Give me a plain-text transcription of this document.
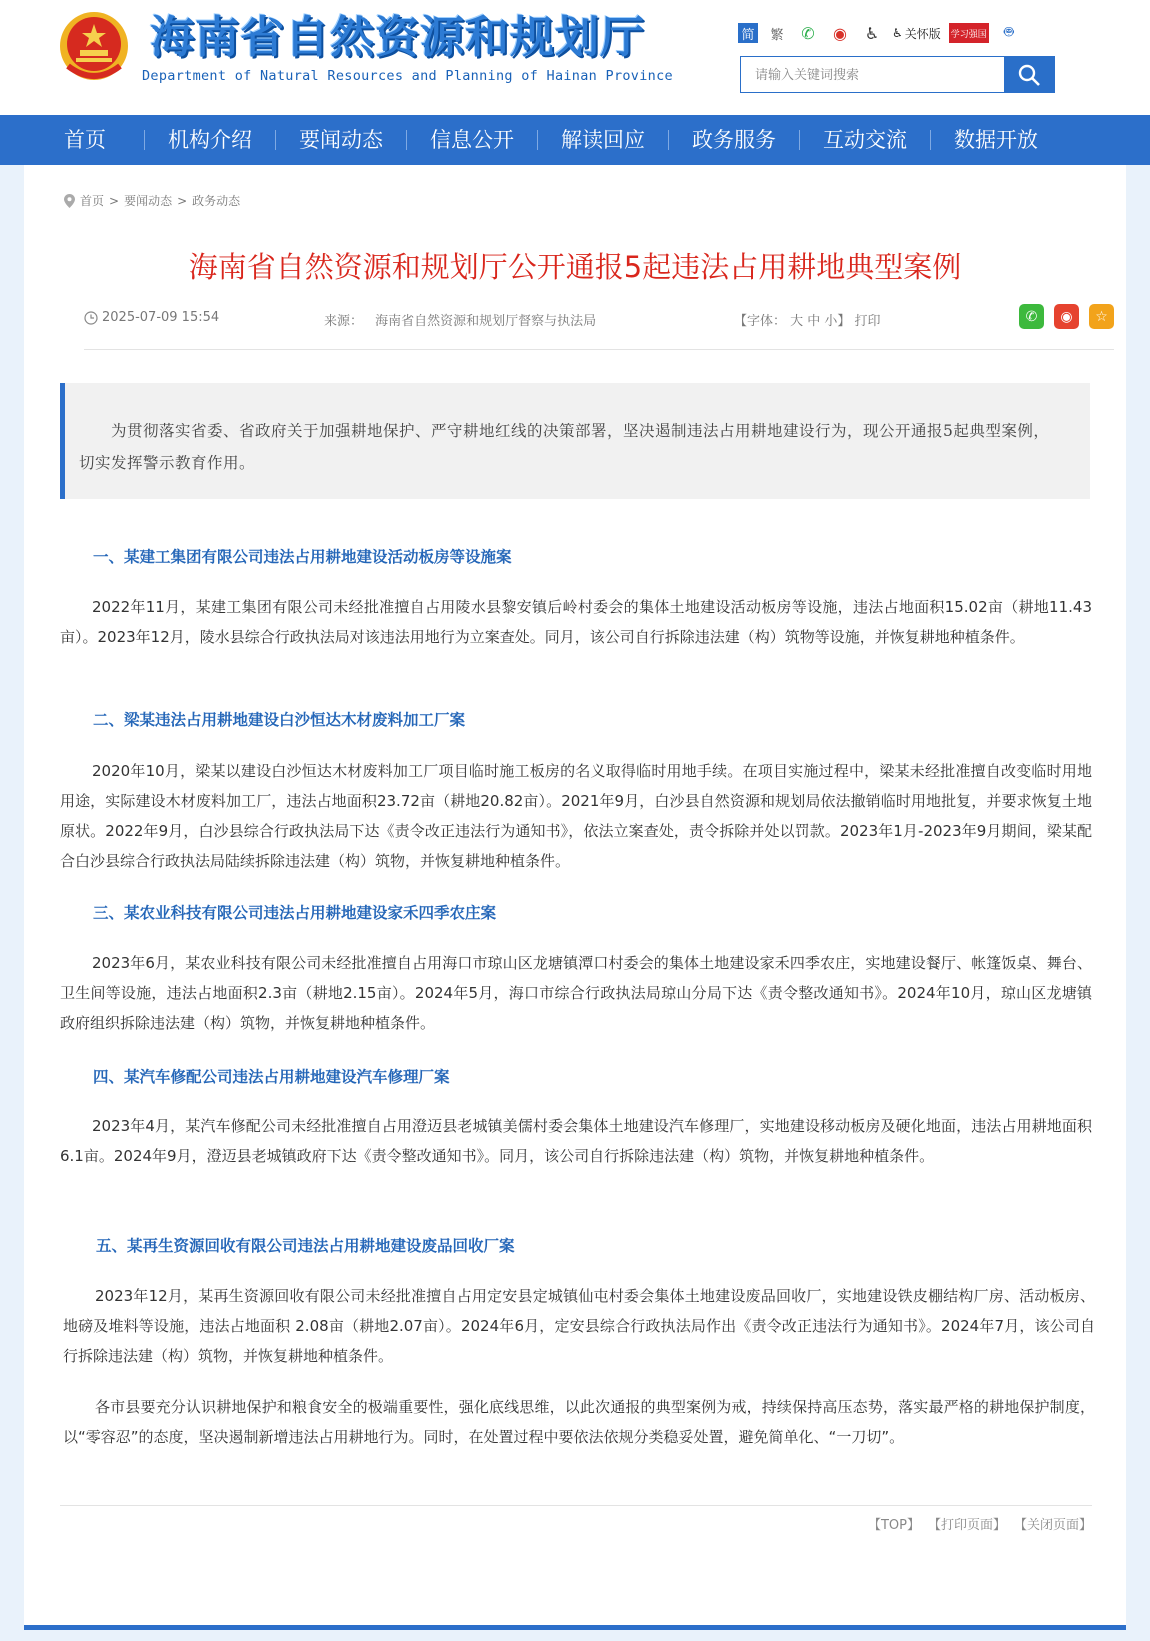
海南省自然资源和规划厅
Department of Natural Resources and Planning of Hainan Province
简	繁	✆	◉	♿	♿ 关怀版 学习强国	🤖︎
请输入关键词搜索
首页	机构介绍	要闻动态	信息公开	解读回应	政务服务	互动交流	数据开放
首页 > 要闻动态 > 政务动态
海南省自然资源和规划厅公开通报5起违法占用耕地典型案例
2025-07-09 15:54	来源： 海南省自然资源和规划厅督察与执法局	【字体： 大 中 小】 打印	✆ ◉ ☆
为贯彻落实省委、省政府关于加强耕地保护、严守耕地红线的决策部署，坚决遏制违法占用耕地建设行为，现公开通报5起典型案例，切实发挥警示教育作用。
一、某建工集团有限公司违法占用耕地建设活动板房等设施案

2022年11月，某建工集团有限公司未经批准擅自占用陵水县黎安镇后岭村委会的集体土地建设活动板房等设施，违法占地面积15.02亩（耕地11.43亩）。2023年12月，陵水县综合行政执法局对该违法用地行为立案查处。同月，该公司自行拆除违法建（构）筑物等设施，并恢复耕地种植条件。

二、梁某违法占用耕地建设白沙恒达木材废料加工厂案

2020年10月，梁某以建设白沙恒达木材废料加工厂项目临时施工板房的名义取得临时用地手续。在项目实施过程中，梁某未经批准擅自改变临时用地用途，实际建设木材废料加工厂，违法占地面积23.72亩（耕地20.82亩）。2021年9月，白沙县自然资源和规划局依法撤销临时用地批复，并要求恢复土地原状。2022年9月，白沙县综合行政执法局下达《责令改正违法行为通知书》，依法立案查处，责令拆除并处以罚款。2023年1月-2023年9月期间，梁某配合白沙县综合行政执法局陆续拆除违法建（构）筑物，并恢复耕地种植条件。

三、某农业科技有限公司违法占用耕地建设家禾四季农庄案

2023年6月，某农业科技有限公司未经批准擅自占用海口市琼山区龙塘镇潭口村委会的集体土地建设家禾四季农庄，实地建设餐厅、帐篷饭桌、舞台、卫生间等设施，违法占地面积2.3亩（耕地2.15亩）。2024年5月，海口市综合行政执法局琼山分局下达《责令整改通知书》。2024年10月，琼山区龙塘镇政府组织拆除违法建（构）筑物，并恢复耕地种植条件。

四、某汽车修配公司违法占用耕地建设汽车修理厂案

2023年4月，某汽车修配公司未经批准擅自占用澄迈县老城镇美儒村委会集体土地建设汽车修理厂，实地建设移动板房及硬化地面，违法占用耕地面积6.1亩。2024年9月，澄迈县老城镇政府下达《责令整改通知书》。同月，该公司自行拆除违法建（构）筑物，并恢复耕地种植条件。

五、某再生资源回收有限公司违法占用耕地建设废品回收厂案

2023年12月，某再生资源回收有限公司未经批准擅自占用定安县定城镇仙屯村委会集体土地建设废品回收厂，实地建设铁皮棚结构厂房、活动板房、地磅及堆料等设施，违法占地面积 2.08亩（耕地2.07亩）。2024年6月，定安县综合行政执法局作出《责令改正违法行为通知书》。2024年7月，该公司自行拆除违法建（构）筑物，并恢复耕地种植条件。

各市县要充分认识耕地保护和粮食安全的极端重要性，强化底线思维，以此次通报的典型案例为戒，持续保持高压态势，落实最严格的耕地保护制度，以“零容忍”的态度，坚决遏制新增违法占用耕地行为。同时，在处置过程中要依法依规分类稳妥处置，避免简单化、“一刀切”。

【TOP】 【打印页面】 【关闭页面】
